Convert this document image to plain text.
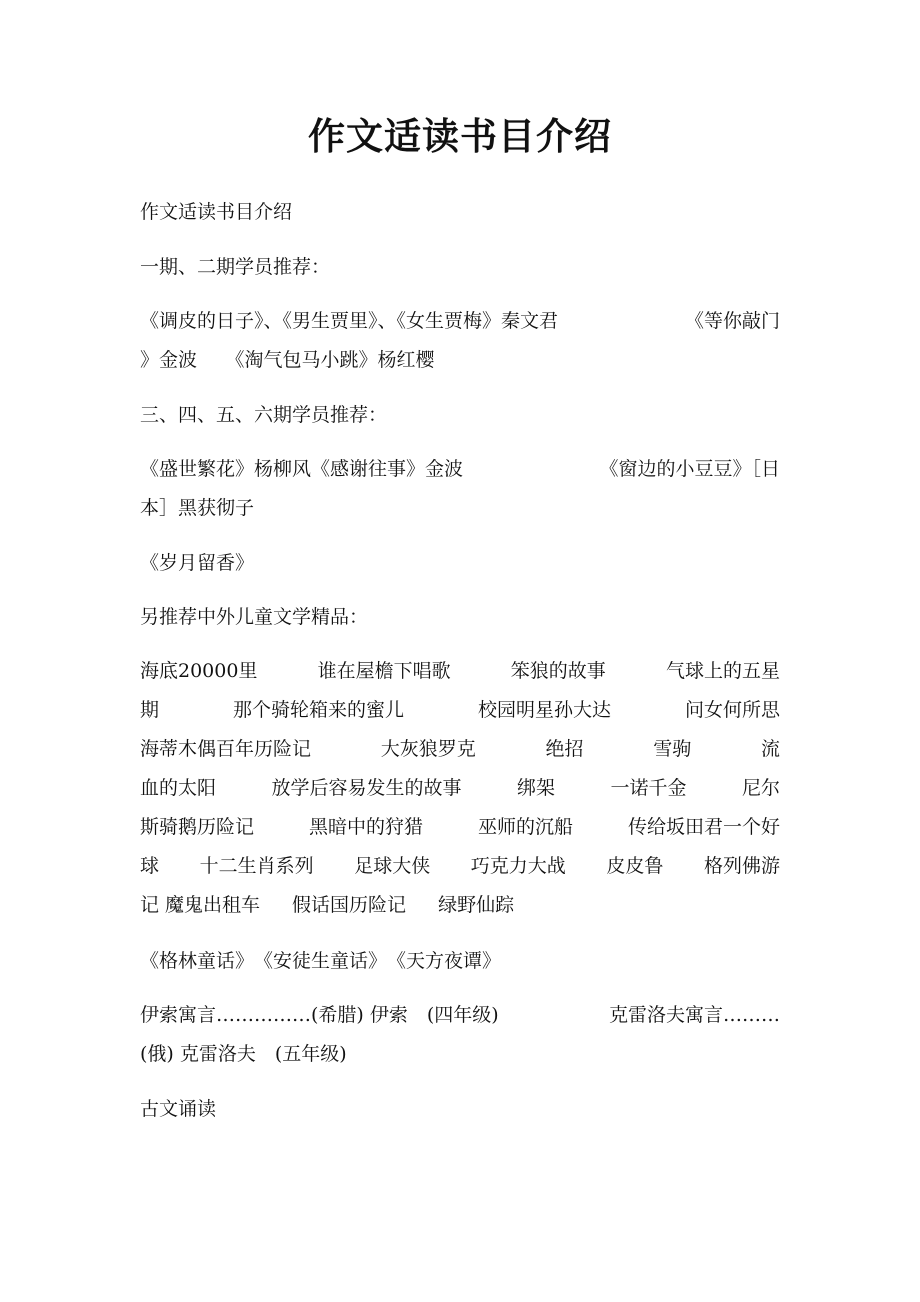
作文适读书目介绍

作文适读书目介绍

一期、二期学员推荐：

《调皮的日子》、《男生贾里》、《女生贾梅》秦文君	《等你敲门
》金波　　《淘气包马小跳》杨红樱

三、四、五、六期学员推荐：

《盛世繁花》杨柳风《感谢往事》金波	《窗边的小豆豆》［日
本］黑获彻子

《岁月留香》

另推荐中外儿童文学精品：

海底20000里	谁在屋檐下唱歌	笨狼的故事	气球上的五星
期	那个骑轮箱来的蜜儿	校园明星孙大达	问女何所思
海蒂木偶百年历险记	大灰狼罗克	绝招	雪驹	流
血的太阳	放学后容易发生的故事	绑架	一诺千金	尼尔
斯骑鹅历险记	黑暗中的狩猎	巫师的沉船	传给坂田君一个好
球 十二生肖系列 足球大侠 巧克力大战 皮皮鲁 格列佛游
记 魔鬼出租车 假话国历险记 绿野仙踪

《格林童话》　《安徒生童话》　《天方夜谭》

伊索寓言……………(希腊) 伊索　(四年级)	克雷洛夫寓言………
(俄) 克雷洛夫　(五年级)

古文诵读
